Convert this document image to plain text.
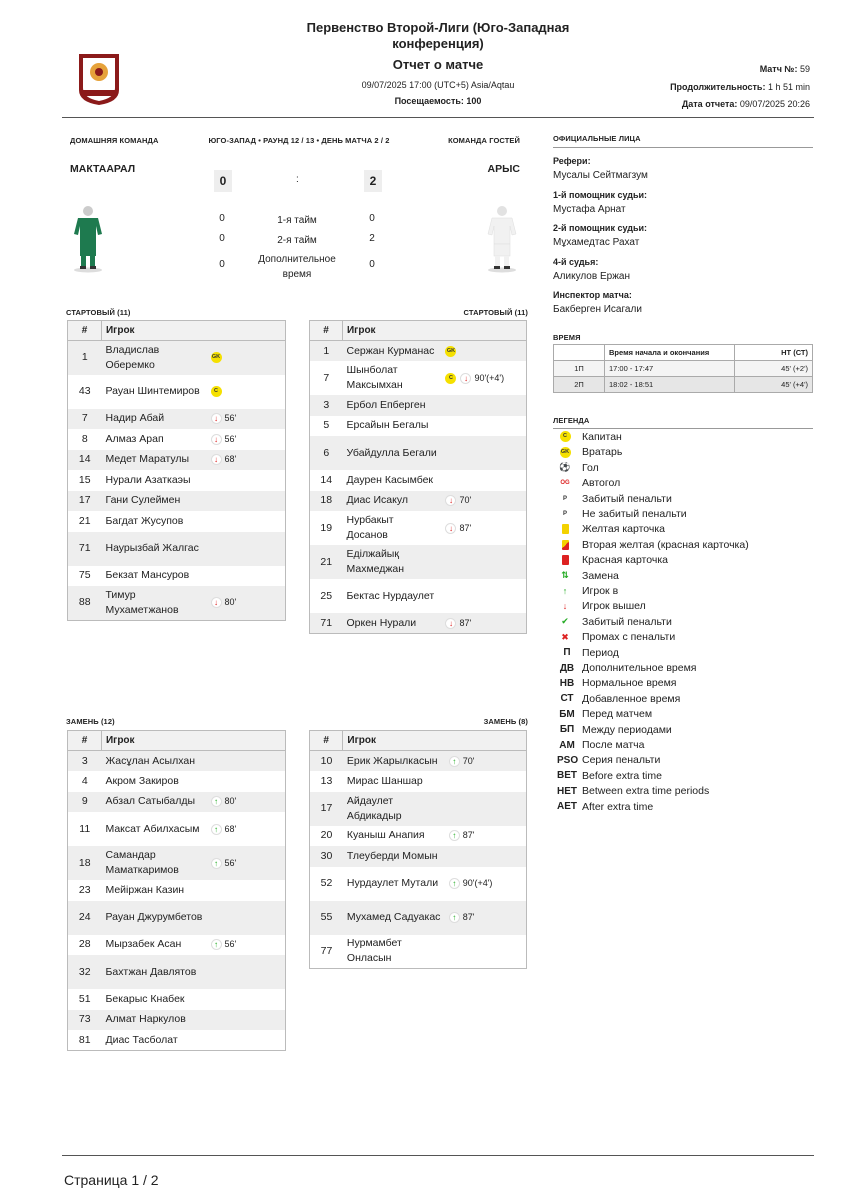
Первенство Второй-Лиги (Юго-Западная конференция)
Отчет о матче
09/07/2025 17:00 (UTC+5) Asia/Aqtau
Посещаемость: 100
Матч №: 59
Продолжительность: 1 h 51 min
Дата отчета: 09/07/2025 20:26
ДОМАШНЯЯ КОМАНДА	ЮГО-ЗАПАД • РАУНД 12 / 13 • ДЕНЬ МАТЧА 2 / 2	КОМАНДА ГОСТЕЙ
МАКТААРАЛ	АРЫС
0	:	2
0	1-я тайм	0
0	2-я тайм	2
0	Дополнительное время
0
СТАРТОВЫЙ (11)	СТАРТОВЫЙ (11)
ЗАМЕНЬ (12)	ЗАМЕНЬ (8)
#	Игрок	
1	Владислав Оберемко	GK
43	Рауан Шинтемиров	C
7	Надир Абай	↓ 56'
8	Алмаз Арап	↓ 56'
14	Медет Маратулы	↓ 68'
15	Нурали Азаткаэы	
17	Гани Сулеймен	
21	Багдат Жусупов	
71	Наурызбай Жалгас	
75	Бекзат Мансуров	
88	Тимур Мухаметжанов	↓ 80'
#	Игрок	
1	Сержан Курманас	GK
7	Шынболат Максымхан	C ↓ 90'(+4')
3	Ербол Епберген	
5	Ерсайын Бегалы	
6	Убайдулла Бегали	
14	Даурен Касымбек	
18	Диас Исакул	↓ 70'
19	Нурбакыт Досанов	↓ 87'
21	Еділжайық Махмеджан	
25	Бектас Нурдаулет	
71	Оркен Нурали	↓ 87'
#	Игрок	
3	Жасұлан Асылхан	
4	Акром Закиров	
9	Абзал Сатыбалды	↑ 80'
11	Максат Абилхасым	↑ 68'
18	Самандар Маматкаримов	↑ 56'
23	Мейіржан Казин	
24	Рауан Джурумбетов	
28	Мырзабек Асан	↑ 56'
32	Бахтжан Давлятов	
51	Бекарыс Кнабек	
73	Алмат Наркулов	
81	Диас Тасболат	
#	Игрок	
10	Ерик Жарылкасын	↑ 70'
13	Мирас Шаншар	
17	Айдаулет Абдикадыр	
20	Куаныш Анапия	↑ 87'
30	Тлеуберди Момын	
52	Нурдаулет Мутали	↑ 90'(+4')
55	Мухамед Садуакас	↑ 87'
77	Нурмамбет Онласын	
ОФИЦИАЛЬНЫЕ ЛИЦА
Рефери:
Мусалы Сейтмагзум
1-й помощник судьи:
Мустафа Арнат
2-й помощник судьи:
Мұхамедтас Рахат
4-й судья:
Аликулов Ержан
Инспектор матча:
Бакберген Исагали
ВРЕМЯ
	Время начала и окончания	НТ (СТ)
1П	17:00 - 17:47	45' (+2')
2П	18:02 - 18:51	45' (+4')
ЛЕГЕНДА
C	Капитан
GK	Вратарь
⚽ Гол
OG	Автогол
P	Забитый пенальти
P	Не забитый пенальти
Желтая карточка
Вторая желтая (красная карточка)
Красная карточка
⇅	Замена
↑	Игрок в
↓	Игрок вышел
✔	Забитый пенальти
✖	Промах с пенальти
П	Период
ДВ Дополнительное время
НВ Нормальное время
СТ Добавленное время
БМ Перед матчем
БП Между периодами
АМ После матча
PSO Серия пенальти
BET Before extra time
HET Between extra time periods
AET After extra time
Страница 1 / 2
